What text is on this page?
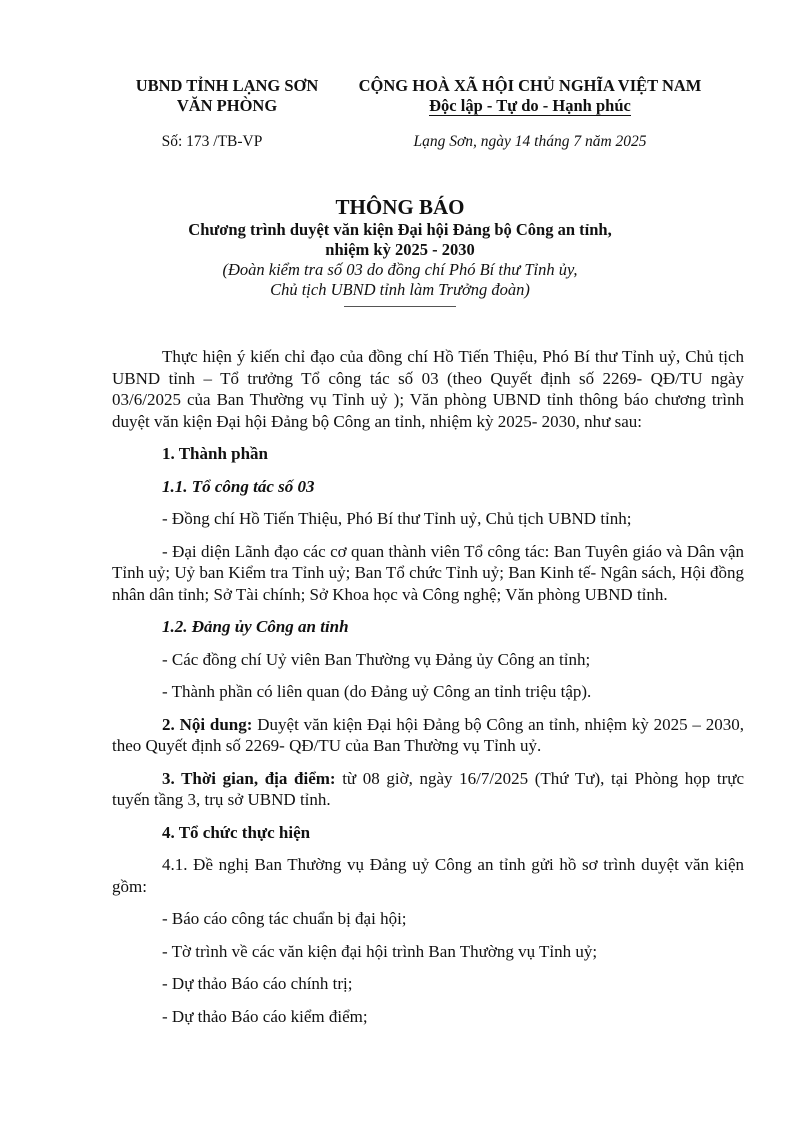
UBND TỈNH LẠNG SƠN
VĂN PHÒNG
CỘNG HOÀ XÃ HỘI CHỦ NGHĨA VIỆT NAM
Độc lập - Tự do - Hạnh phúc
Số: 173 /TB-VP	Lạng Sơn, ngày 14 tháng 7 năm 2025
THÔNG BÁO
Chương trình duyệt văn kiện Đại hội Đảng bộ Công an tỉnh,
nhiệm kỳ 2025 - 2030
(Đoàn kiểm tra số 03 do đồng chí Phó Bí thư Tỉnh ủy,
Chủ tịch UBND tỉnh làm Trưởng đoàn)

Thực hiện ý kiến chỉ đạo của đồng chí Hồ Tiến Thiệu, Phó Bí thư Tỉnh uỷ, Chủ tịch UBND tỉnh – Tổ trưởng Tổ công tác số 03 (theo Quyết định số 2269- QĐ/TU ngày 03/6/2025 của Ban Thường vụ Tỉnh uỷ ); Văn phòng UBND tỉnh thông báo chương trình duyệt văn kiện Đại hội Đảng bộ Công an tỉnh, nhiệm kỳ 2025- 2030, như sau:

1. Thành phần

1.1. Tổ công tác số 03

- Đồng chí Hồ Tiến Thiệu, Phó Bí thư Tỉnh uỷ, Chủ tịch UBND tỉnh;

- Đại diện Lãnh đạo các cơ quan thành viên Tổ công tác: Ban Tuyên giáo và Dân vận Tỉnh uỷ; Uỷ ban Kiểm tra Tỉnh uỷ; Ban Tổ chức Tỉnh uỷ; Ban Kinh tế- Ngân sách, Hội đồng nhân dân tỉnh; Sở Tài chính; Sở Khoa học và Công nghệ; Văn phòng UBND tỉnh.

1.2. Đảng ủy Công an tỉnh

- Các đồng chí Uỷ viên Ban Thường vụ Đảng ủy Công an tỉnh;

- Thành phần có liên quan (do Đảng uỷ Công an tỉnh triệu tập).

2. Nội dung: Duyệt văn kiện Đại hội Đảng bộ Công an tỉnh, nhiệm kỳ 2025 – 2030, theo Quyết định số 2269- QĐ/TU của Ban Thường vụ Tỉnh uỷ.

3. Thời gian, địa điểm: từ 08 giờ, ngày 16/7/2025 (Thứ Tư), tại Phòng họp trực tuyến tầng 3, trụ sở UBND tỉnh.

4. Tổ chức thực hiện

4.1. Đề nghị Ban Thường vụ Đảng uỷ Công an tỉnh gửi hồ sơ trình duyệt văn kiện gồm:

- Báo cáo công tác chuẩn bị đại hội;

- Tờ trình về các văn kiện đại hội trình Ban Thường vụ Tỉnh uỷ;

- Dự thảo Báo cáo chính trị;

- Dự thảo Báo cáo kiểm điểm;
